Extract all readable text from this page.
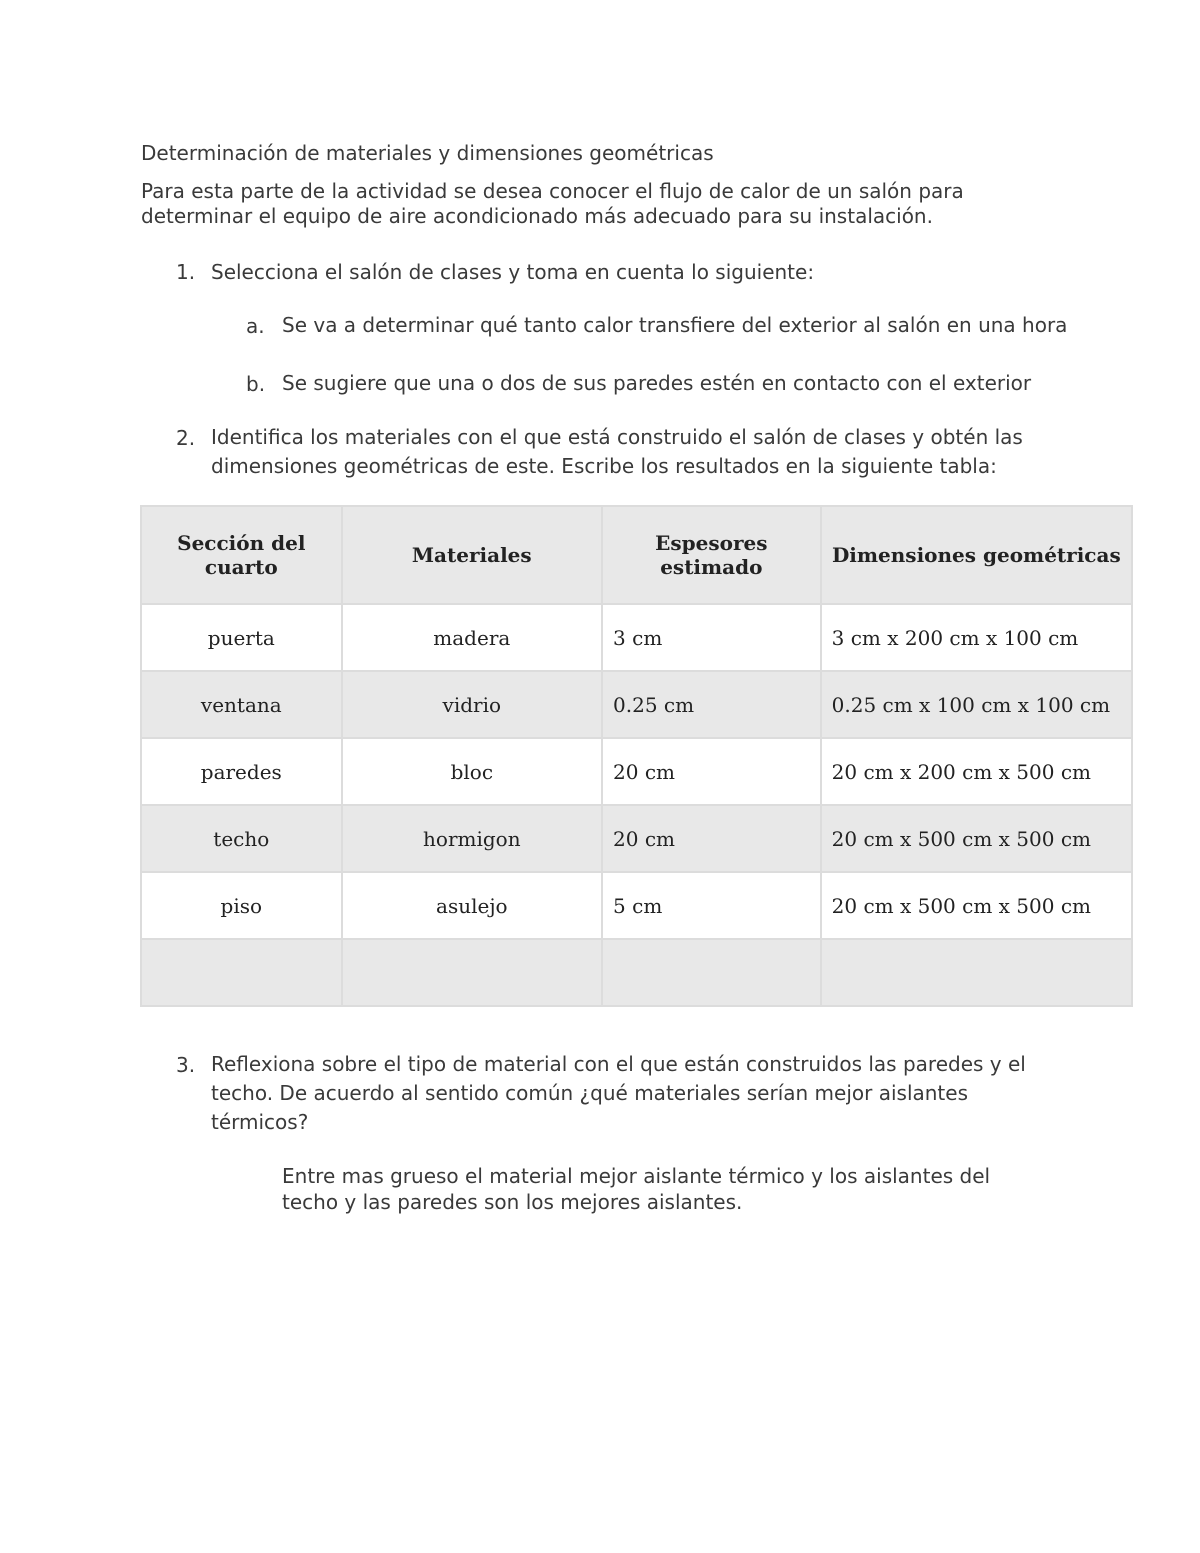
Determinación de materiales y dimensiones geométricas

Para esta parte de la actividad se desea conocer el flujo de calor de un salón para determinar el equipo de aire acondicionado más adecuado para su instalación.

1. Selecciona el salón de clases y toma en cuenta lo siguiente:
a. Se va a determinar qué tanto calor transfiere del exterior al salón en una hora
b. Se sugiere que una o dos de sus paredes estén en contacto con el exterior
2. Identifica los materiales con el que está construido el salón de clases y obtén las dimensiones geométricas de este. Escribe los resultados en la siguiente tabla:
Sección del cuarto	Materiales	Espesores estimado	Dimensiones geométricas
puerta	madera	3 cm	3 cm x 200 cm x 100 cm
ventana	vidrio	0.25 cm	0.25 cm x 100 cm x 100 cm
paredes	bloc	20 cm	20 cm x 200 cm x 500 cm
techo	hormigon	20 cm	20 cm x 500 cm x 500 cm
piso	asulejo	5 cm	20 cm x 500 cm x 500 cm

3. Reflexiona sobre el tipo de material con el que están construidos las paredes y el techo. De acuerdo al sentido común ¿qué materiales serían mejor aislantes térmicos?

Entre mas grueso el material mejor aislante térmico y los aislantes del techo y las paredes son los mejores aislantes.
